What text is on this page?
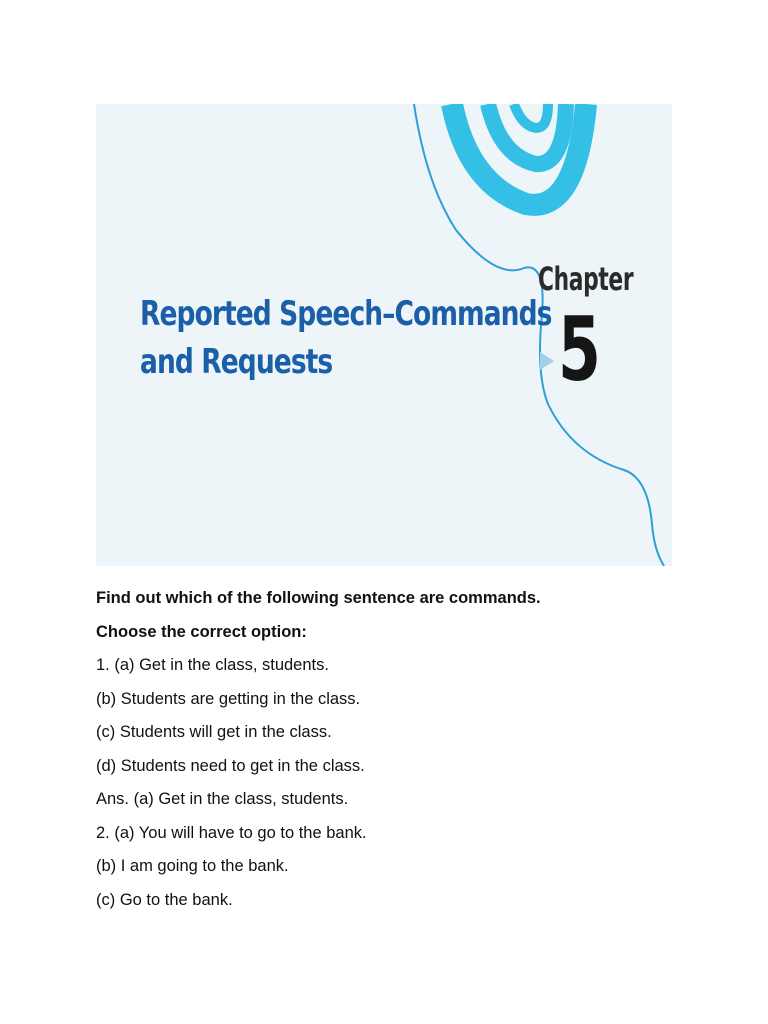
Reported Speech–Commands
and Requests
Chapter
5
Find out which of the following sentence are commands.
Choose the correct option:
1. (a) Get in the class, students.
(b) Students are getting in the class.
(c) Students will get in the class.
(d) Students need to get in the class.
Ans. (a) Get in the class, students.
2. (a) You will have to go to the bank.
(b) I am going to the bank.
(c) Go to the bank.
